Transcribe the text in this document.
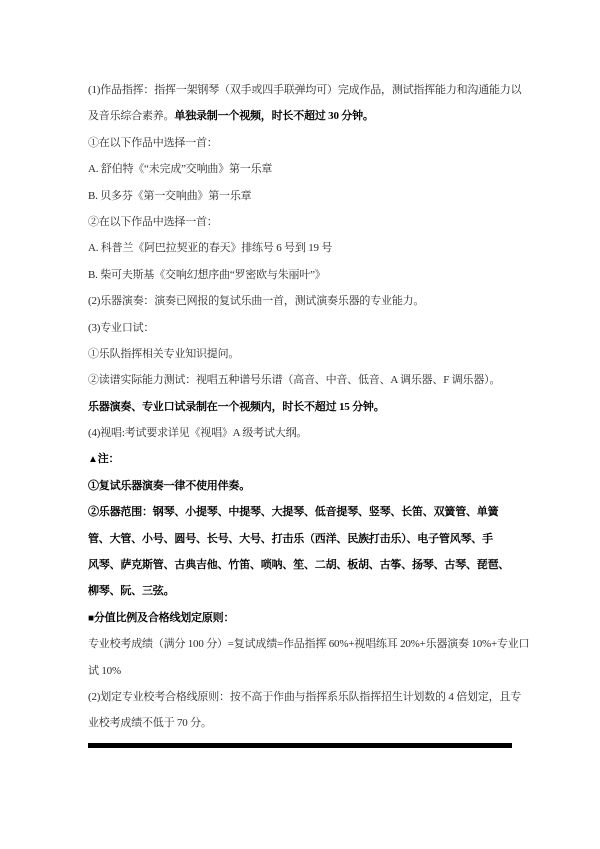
(1)作品指挥：指挥一架钢琴（双手或四手联弹均可）完成作品，测试指挥能力和沟通能力以
及音乐综合素养。单独录制一个视频，时长不超过 30 分钟。
①在以下作品中选择一首：
A. 舒伯特《“未完成”交响曲》第一乐章
B. 贝多芬《第一交响曲》第一乐章
②在以下作品中选择一首：
A. 科普兰《阿巴拉契亚的春天》排练号 6 号到 19 号
B. 柴可夫斯基《交响幻想序曲“罗密欧与朱丽叶”》
(2)乐器演奏：演奏已网报的复试乐曲一首，测试演奏乐器的专业能力。
(3)专业口试：
①乐队指挥相关专业知识提问。
②读谱实际能力测试：视唱五种谱号乐谱（高音、中音、低音、A 调乐器、F 调乐器）。
乐器演奏、专业口试录制在一个视频内，时长不超过 15 分钟。
(4)视唱:考试要求详见《视唱》A 级考试大纲。
▲注：
①复试乐器演奏一律不使用伴奏。
②乐器范围：钢琴、小提琴、中提琴、大提琴、低音提琴、竖琴、长笛、双簧管、单簧
管、大管、小号、圆号、长号、大号、打击乐（西洋、民族打击乐）、电子管风琴、手
风琴、萨克斯管、古典吉他、竹笛、唢呐、笙、二胡、板胡、古筝、扬琴、古琴、琵琶、
柳琴、阮、三弦。
■分值比例及合格线划定原则：
专业校考成绩（满分 100 分）=复试成绩=作品指挥 60%+视唱练耳 20%+乐器演奏 10%+专业口
试 10%
(2)划定专业校考合格线原则：按不高于作曲与指挥系乐队指挥招生计划数的 4 倍划定，且专
业校考成绩不低于 70 分。
